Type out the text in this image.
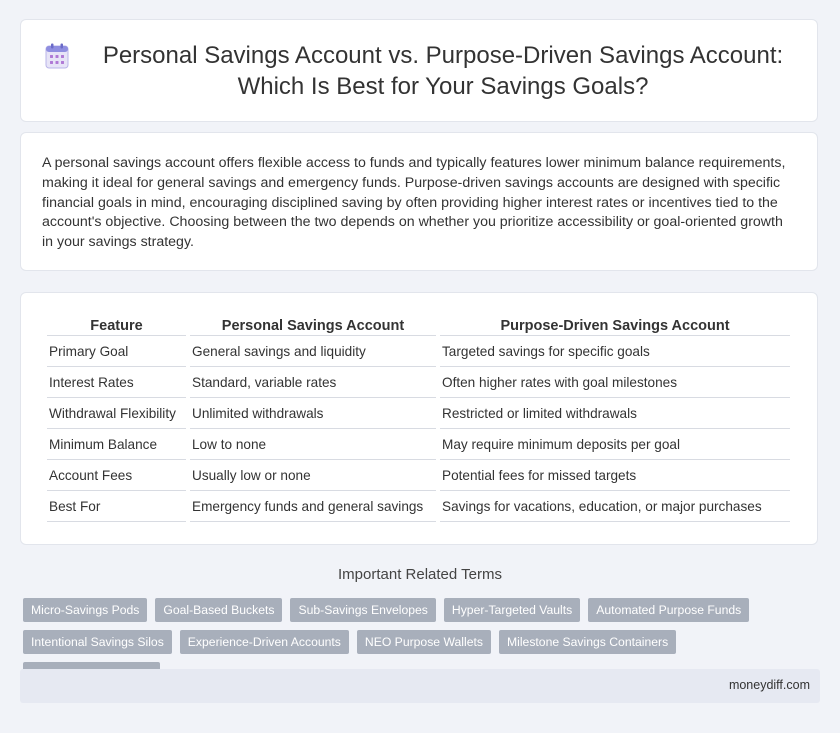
Personal Savings Account vs. Purpose-Driven Savings Account: Which Is Best for Your Savings Goals?

A personal savings account offers flexible access to funds and typically features lower minimum balance requirements, making it ideal for general savings and emergency funds. Purpose-driven savings accounts are designed with specific financial goals in mind, encouraging disciplined saving by often providing higher interest rates or incentives tied to the account's objective. Choosing between the two depends on whether you prioritize accessibility or goal-oriented growth in your savings strategy.

Feature	Personal Savings Account	Purpose-Driven Savings Account
Primary Goal	General savings and liquidity	Targeted savings for specific goals
Interest Rates	Standard, variable rates	Often higher rates with goal milestones
Withdrawal Flexibility	Unlimited withdrawals	Restricted or limited withdrawals
Minimum Balance	Low to none	May require minimum deposits per goal
Account Fees	Usually low or none	Potential fees for missed targets
Best For	Emergency funds and general savings	Savings for vacations, education, or major purchases
Important Related Terms
Micro-Savings Pods	Goal-Based Buckets	Sub-Savings Envelopes	Hyper-Targeted Vaults	Automated Purpose Funds
Intentional Savings Silos	Experience-Driven Accounts	NEO Purpose Wallets	Milestone Savings Containers
moneydiff.com
